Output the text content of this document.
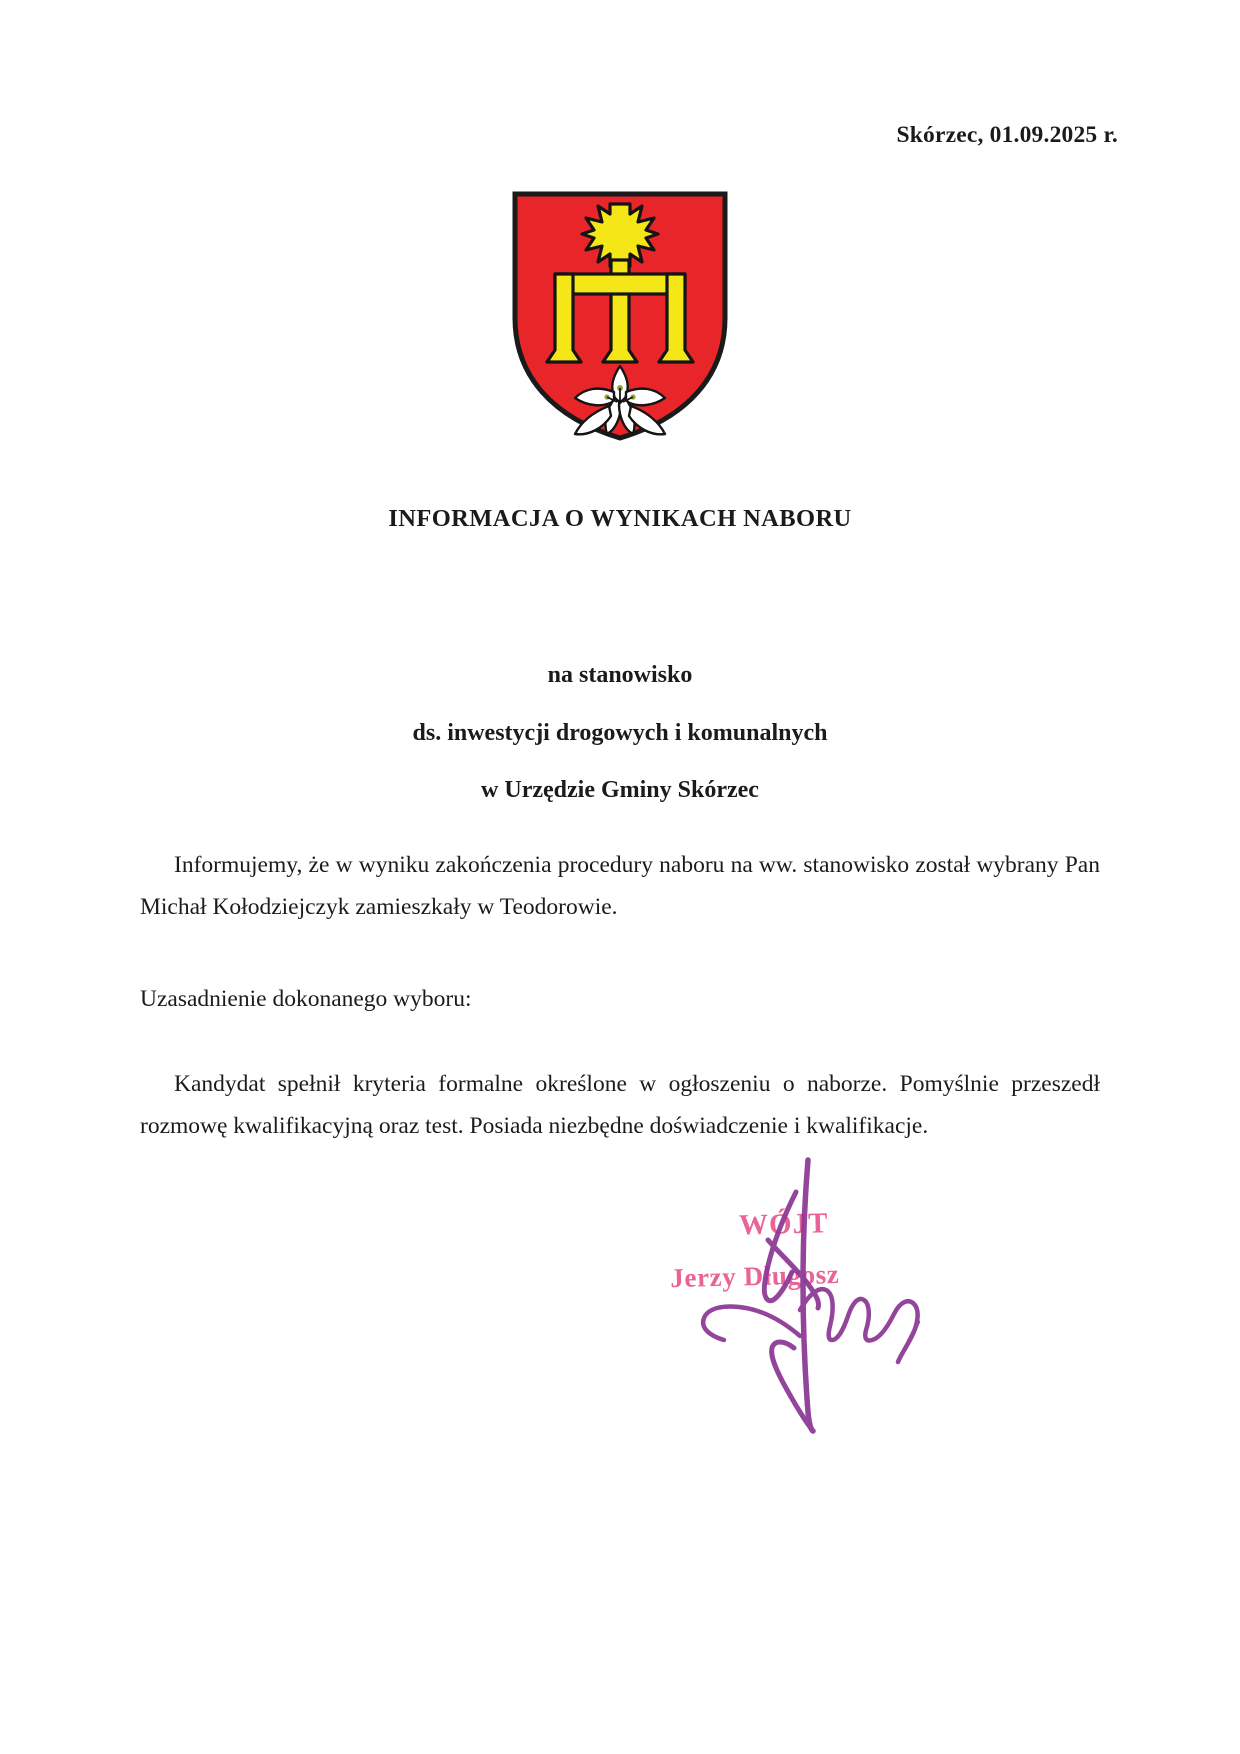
Skórzec, 01.09.2025 r.
INFORMACJA O WYNIKACH NABORU
na stanowisko
ds. inwestycji drogowych i komunalnych
w Urzędzie Gminy Skórzec

Informujemy, że w wyniku zakończenia procedury naboru na ww. stanowisko został wybrany Pan Michał Kołodziejczyk zamieszkały w Teodorowie.

Uzasadnienie dokonanego wyboru:

Kandydat spełnił kryteria formalne określone w ogłoszeniu o naborze. Pomyślnie przeszedł rozmowę kwalifikacyjną oraz test. Posiada niezbędne doświadczenie i kwalifikacje.

WÓJT
Jerzy Długosz
